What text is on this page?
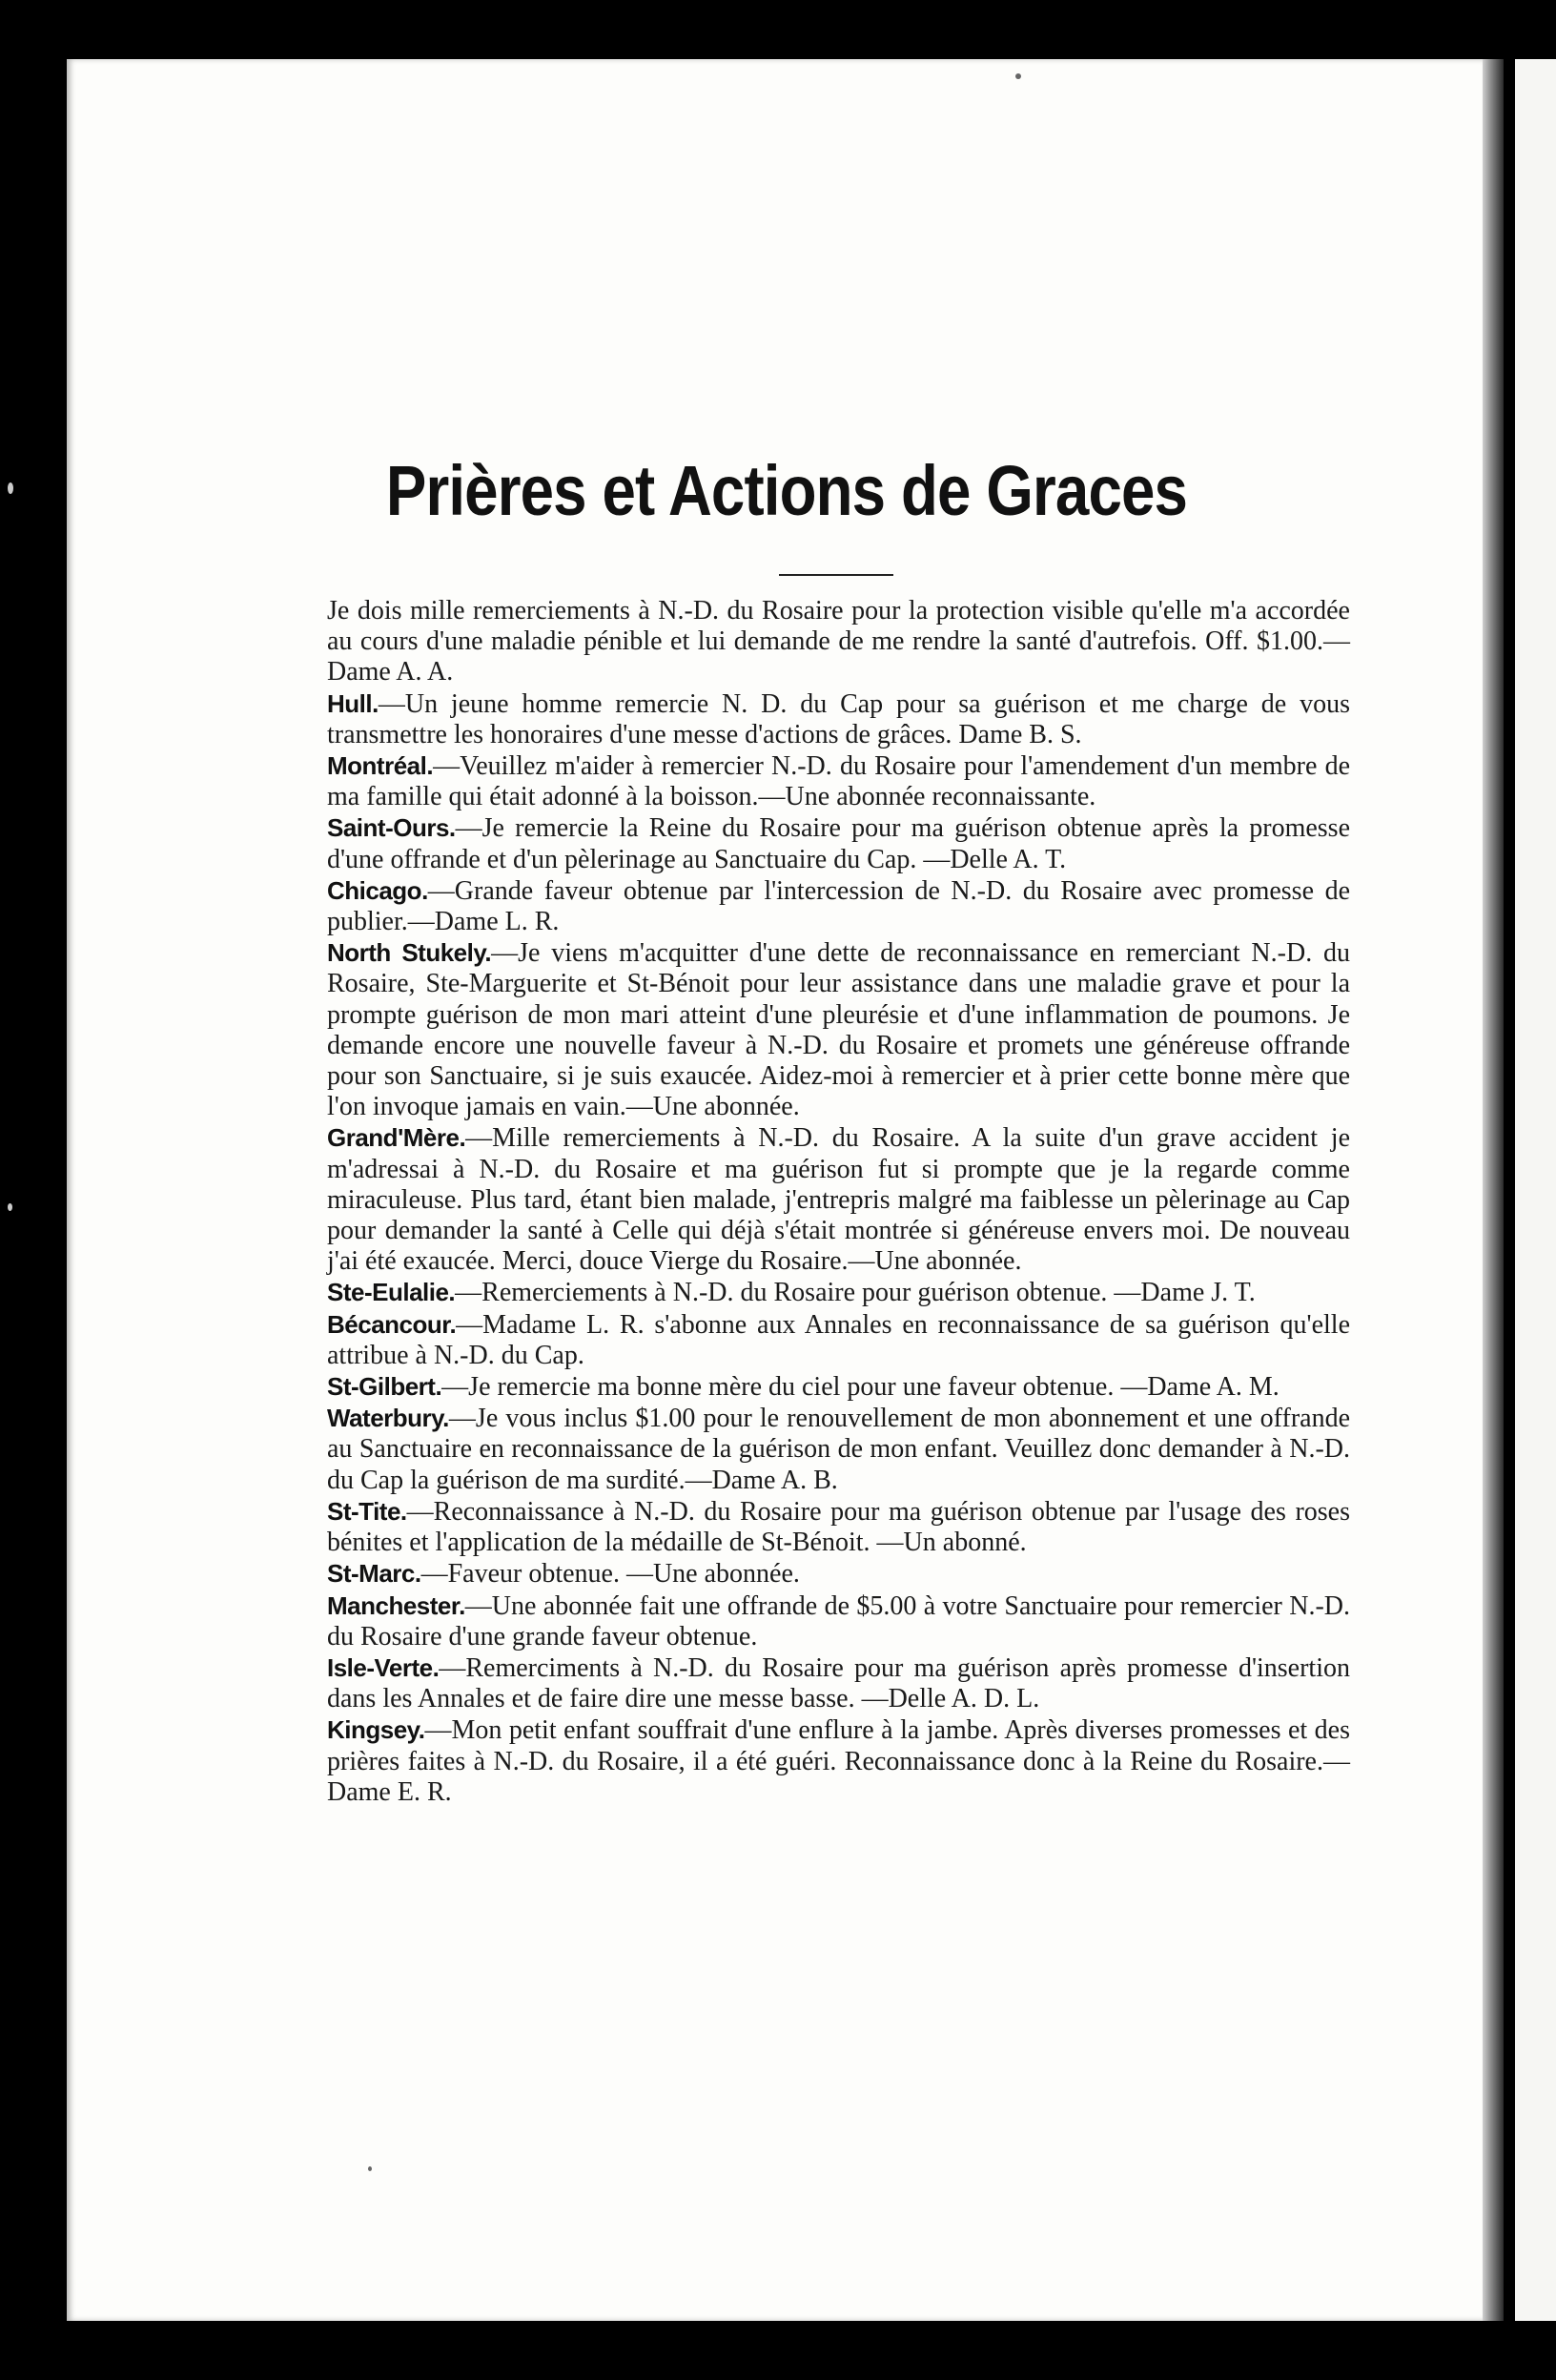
Prières et Actions de Graces

Je dois mille remerciements à N.-D. du Rosaire pour la protection visible qu'elle m'a accordée au cours d'une maladie pénible et lui demande de me rendre la santé d'autrefois. Off. $1.00.—Dame A. A.

Hull.—Un jeune homme remercie N. D. du Cap pour sa guérison et me charge de vous transmettre les honoraires d'une messe d'actions de grâces. Dame B. S.

Montréal.—Veuillez m'aider à remercier N.-D. du Rosaire pour l'amendement d'un membre de ma famille qui était adonné à la boisson.—Une abonnée reconnaissante.

Saint-Ours.—Je remercie la Reine du Rosaire pour ma guérison obtenue après la promesse d'une offrande et d'un pèlerinage au Sanctuaire du Cap. —Delle A. T.

Chicago.—Grande faveur obtenue par l'intercession de N.-D. du Rosaire avec promesse de publier.—Dame L. R.

North Stukely.—Je viens m'acquitter d'une dette de reconnaissance en remerciant N.-D. du Rosaire, Ste-Marguerite et St-Bénoit pour leur assistance dans une maladie grave et pour la prompte guérison de mon mari atteint d'une pleurésie et d'une inflammation de poumons. Je demande encore une nouvelle faveur à N.-D. du Rosaire et promets une généreuse offrande pour son Sanctuaire, si je suis exaucée. Aidez-moi à remercier et à prier cette bonne mère que l'on invoque jamais en vain.—Une abonnée.

Grand'Mère.—Mille remerciements à N.-D. du Rosaire. A la suite d'un grave accident je m'adressai à N.-D. du Rosaire et ma guérison fut si prompte que je la regarde comme miraculeuse. Plus tard, étant bien malade, j'entrepris malgré ma faiblesse un pèlerinage au Cap pour demander la santé à Celle qui déjà s'était montrée si généreuse envers moi. De nouveau j'ai été exaucée. Merci, douce Vierge du Rosaire.—Une abonnée.

Ste-Eulalie.—Remerciements à N.-D. du Rosaire pour guérison obtenue. —Dame J. T.

Bécancour.—Madame L. R. s'abonne aux Annales en reconnaissance de sa guérison qu'elle attribue à N.-D. du Cap.

St-Gilbert.—Je remercie ma bonne mère du ciel pour une faveur obtenue. —Dame A. M.

Waterbury.—Je vous inclus $1.00 pour le renouvellement de mon abonnement et une offrande au Sanctuaire en reconnaissance de la guérison de mon enfant. Veuillez donc demander à N.-D. du Cap la guérison de ma surdité.—Dame A. B.

St-Tite.—Reconnaissance à N.-D. du Rosaire pour ma guérison obtenue par l'usage des roses bénites et l'application de la médaille de St-Bénoit. —Un abonné.

St-Marc.—Faveur obtenue. —Une abonnée.

Manchester.—Une abonnée fait une offrande de $5.00 à votre Sanctuaire pour remercier N.-D. du Rosaire d'une grande faveur obtenue.

Isle-Verte.—Remerciments à N.-D. du Rosaire pour ma guérison après promesse d'insertion dans les Annales et de faire dire une messe basse. —Delle A. D. L.

Kingsey.—Mon petit enfant souffrait d'une enflure à la jambe. Après diverses promesses et des prières faites à N.-D. du Rosaire, il a été guéri. Reconnaissance donc à la Reine du Rosaire.—Dame E. R.
